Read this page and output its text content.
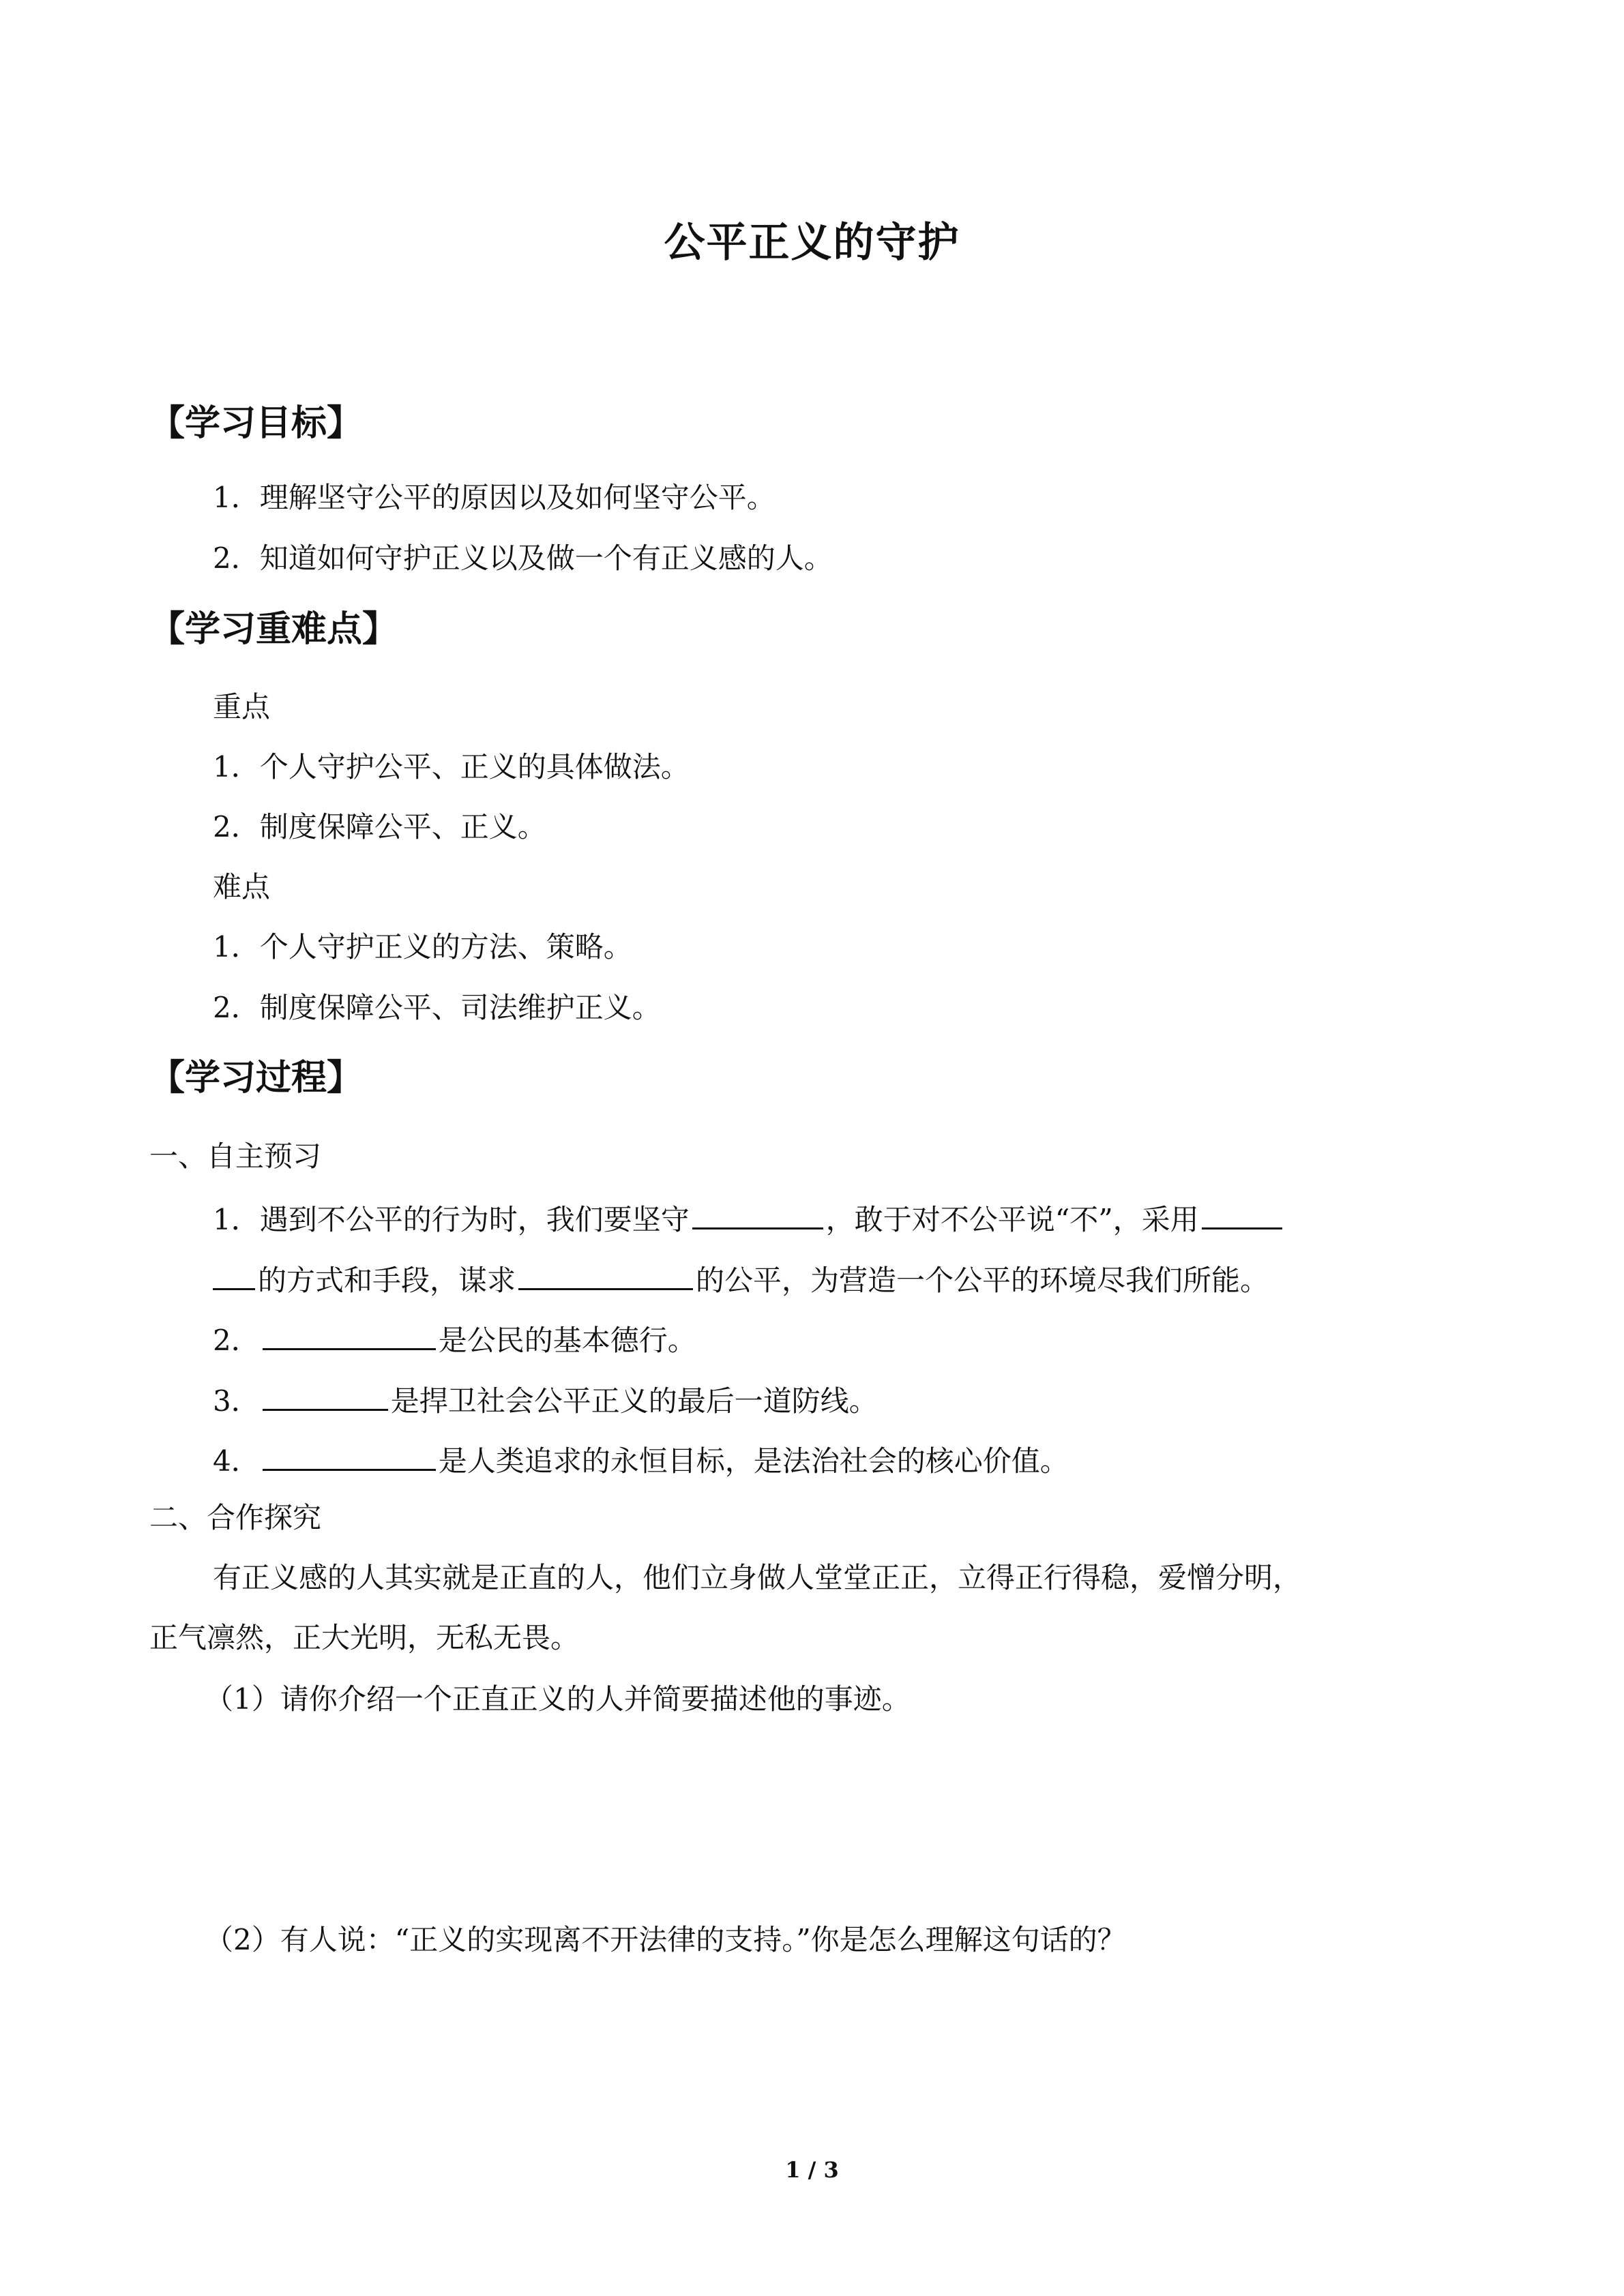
公平正义的守护
【学习目标】
1．理解坚守公平的原因以及如何坚守公平。
2．知道如何守护正义以及做一个有正义感的人。
【学习重难点】
重点
1．个人守护公平、正义的具体做法。
2．制度保障公平、正义。
难点
1．个人守护正义的方法、策略。
2．制度保障公平、司法维护正义。
【学习过程】
一、自主预习
1．遇到不公平的行为时，我们要坚守	，敢于对不公平说“不”，采用
的方式和手段，谋求	的公平，为营造一个公平的环境尽我们所能。
2．	是公民的基本德行。
3．	是捍卫社会公平正义的最后一道防线。
4．	是人类追求的永恒目标，是法治社会的核心价值。
二、合作探究
有正义感的人其实就是正直的人，他们立身做人堂堂正正，立得正行得稳，爱憎分明，
正气凛然，正大光明，无私无畏。
（1）请你介绍一个正直正义的人并简要描述他的事迹。
（2）有人说：“正义的实现离不开法律的支持。”你是怎么理解这句话的？
1 / 3
